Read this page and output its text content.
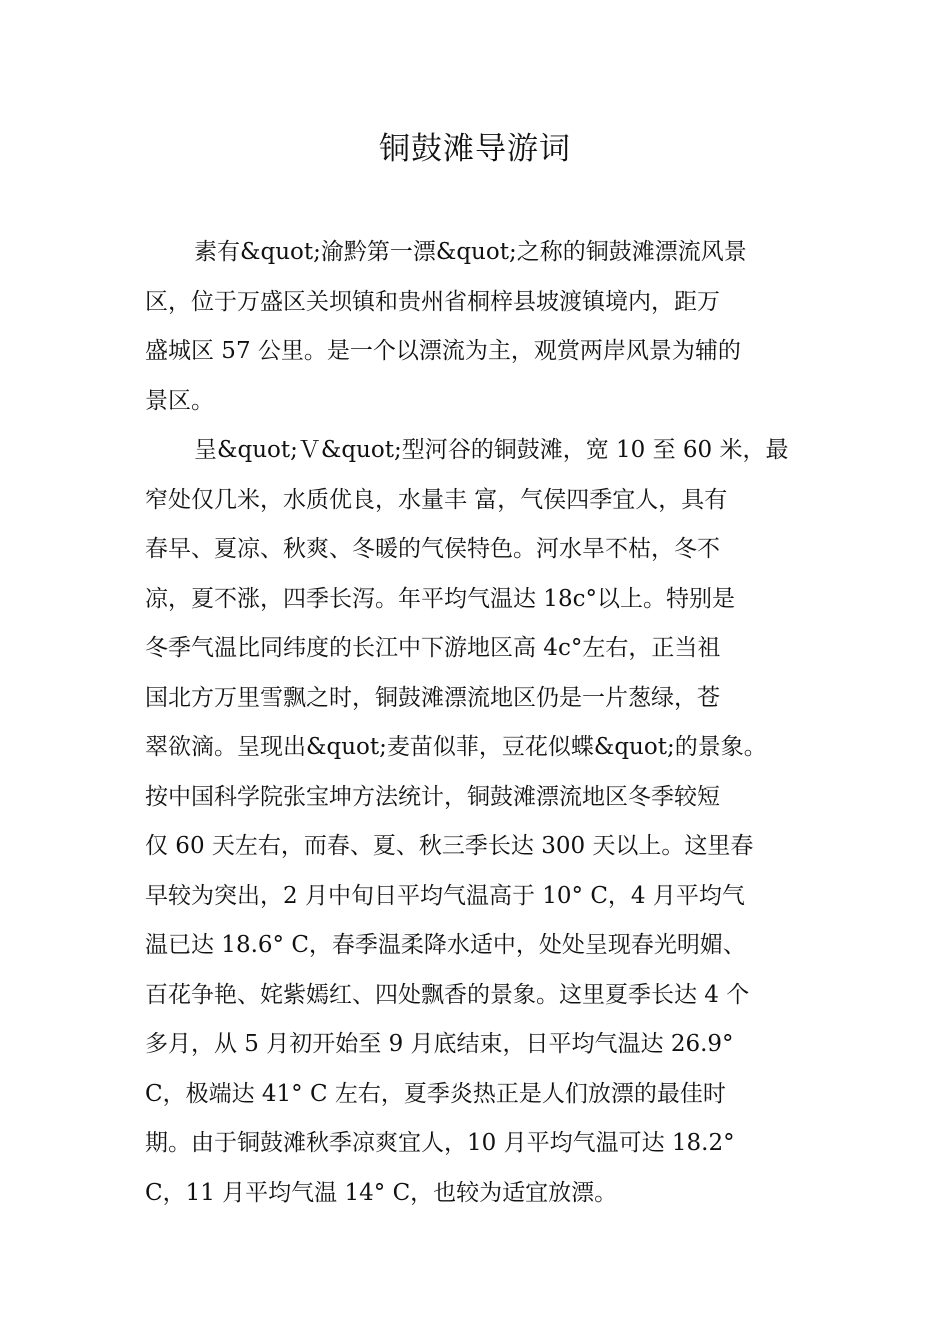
铜鼓滩导游词
素有&quot;渝黔第一漂&quot;之称的铜鼓滩漂流风景
区，位于万盛区关坝镇和贵州省桐梓县坡渡镇境内，距万
盛城区 57 公里。是一个以漂流为主，观赏两岸风景为辅的
景区。
呈&quot;Ｖ&quot;型河谷的铜鼓滩，宽 10 至 60 米，最
窄处仅几米，水质优良，水量丰 富，气侯四季宜人，具有
春早、夏凉、秋爽、冬暖的气侯特色。河水旱不枯，冬不
凉，夏不涨，四季长泻。年平均气温达 18c°以上。特别是
冬季气温比同纬度的长江中下游地区高 4c°左右，正当祖
国北方万里雪飘之时，铜鼓滩漂流地区仍是一片葱绿，苍
翠欲滴。呈现出&quot;麦苗似菲，豆花似蝶&quot;的景象。
按中国科学院张宝坤方法统计，铜鼓滩漂流地区冬季较短
仅 60 天左右，而春、夏、秋三季长达 300 天以上。这里春
早较为突出，2 月中旬日平均气温高于 10° C，4 月平均气
温已达 18.6° C，春季温柔降水适中，处处呈现春光明媚、
百花争艳、姹紫嫣红、四处飘香的景象。这里夏季长达 4 个
多月，从 5 月初开始至 9 月底结束，日平均气温达 26.9°
C，极端达 41° C 左右，夏季炎热正是人们放漂的最佳时
期。由于铜鼓滩秋季凉爽宜人，10 月平均气温可达 18.2°
C，11 月平均气温 14° C，也较为适宜放漂。
